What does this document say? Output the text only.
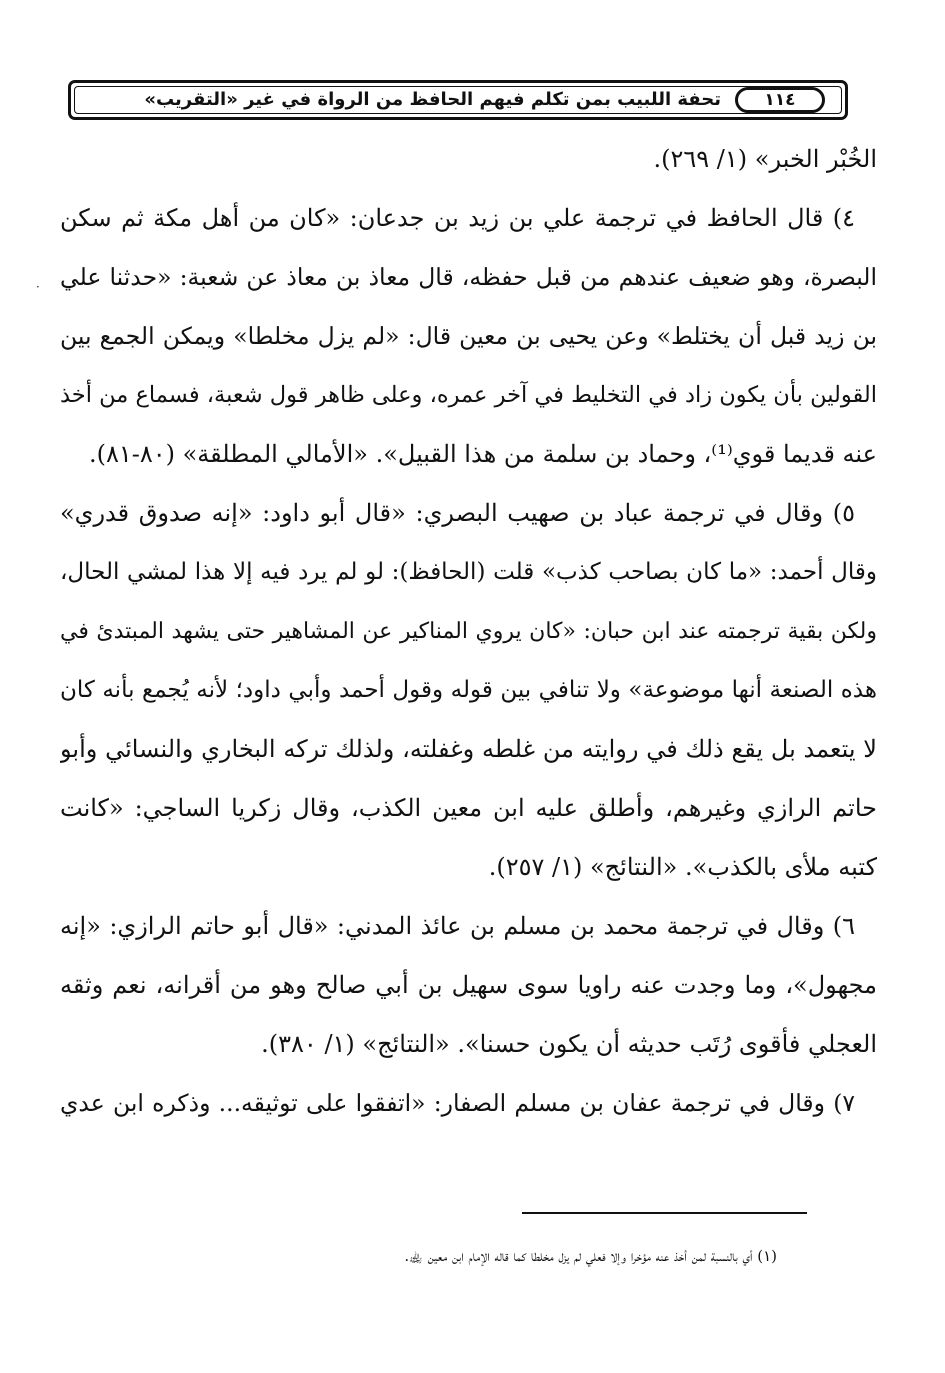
١١٤
تحفة اللبيب بمن تكلم فيهم الحافظ من الرواة في غير «التقريب»
الخُبْر الخبر» (١/ ٢٦٩).
٤) قال الحافظ في ترجمة علي بن زيد بن جدعان: «كان من أهل مكة ثم سكن
البصرة، وهو ضعيف عندهم من قبل حفظه، قال معاذ بن معاذ عن شعبة: «حدثنا علي
بن زيد قبل أن يختلط» وعن يحيى بن معين قال: «لم يزل مخلطا» ويمكن الجمع بين
القولين بأن يكون زاد في التخليط في آخر عمره، وعلى ظاهر قول شعبة، فسماع من أخذ
عنه قديما قوي⁽¹⁾، وحماد بن سلمة من هذا القبيل». «الأمالي المطلقة» (٨٠-٨١).
٥) وقال في ترجمة عباد بن صهيب البصري: «قال أبو داود: «إنه صدوق قدري»
وقال أحمد: «ما كان بصاحب كذب» قلت (الحافظ): لو لم يرد فيه إلا هذا لمشي الحال،
ولكن بقية ترجمته عند ابن حبان: «كان يروي المناكير عن المشاهير حتى يشهد المبتدئ في
هذه الصنعة أنها موضوعة» ولا تنافي بين قوله وقول أحمد وأبي داود؛ لأنه يُجمع بأنه كان
لا يتعمد بل يقع ذلك في روايته من غلطه وغفلته، ولذلك تركه البخاري والنسائي وأبو
حاتم الرازي وغيرهم، وأطلق عليه ابن معين الكذب، وقال زكريا الساجي: «كانت
كتبه ملأى بالكذب». «النتائج» (١/ ٢٥٧).
٦) وقال في ترجمة محمد بن مسلم بن عائذ المدني: «قال أبو حاتم الرازي: «إنه
مجهول»، وما وجدت عنه راويا سوى سهيل بن أبي صالح وهو من أقرانه، نعم وثقه
العجلي فأقوى رُتَب حديثه أن يكون حسنا». «النتائج» (١/ ٣٨٠).
٧) وقال في ترجمة عفان بن مسلم الصفار: «اتفقوا على توثيقه... وذكره ابن عدي
(١) أي بالنسبة لمن أخذ عنه مؤخرا وإلا فعلي لم يزل مخلطا كما قاله الإمام ابن معين ﵀.
·
